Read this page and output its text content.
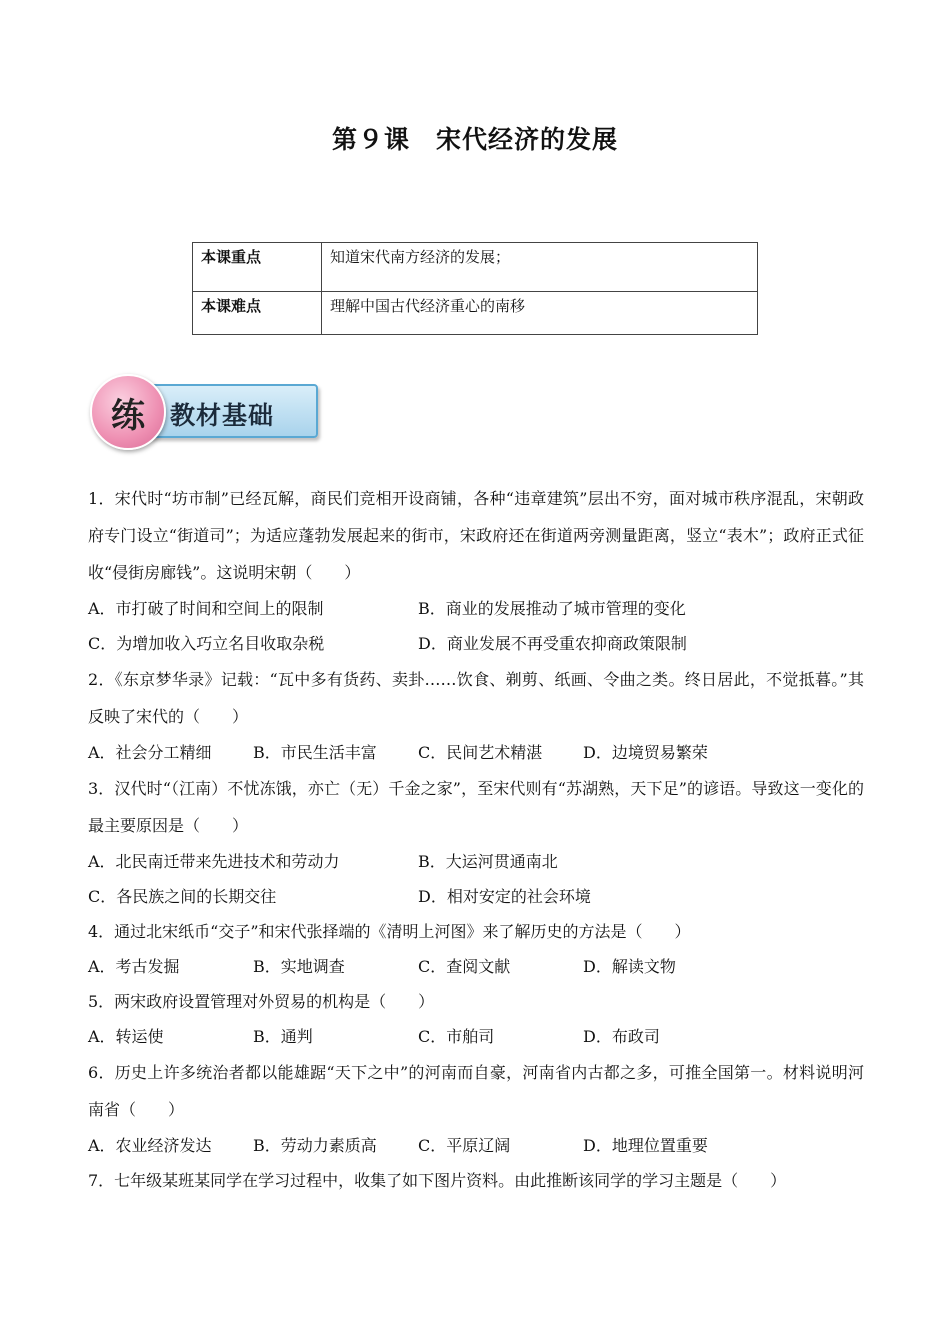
第９课　宋代经济的发展
本课重点	知道宋代南方经济的发展；
本课难点	理解中国古代经济重心的南移
练	教材基础
1．宋代时“坊市制”已经瓦解，商民们竞相开设商铺，各种“违章建筑”层出不穷，面对城市秩序混乱，宋朝政府专门设立“街道司”；为适应蓬勃发展起来的街市，宋政府还在街道两旁测量距离，竖立“表木”；政府正式征收“侵街房廊钱”。这说明宋朝（　　）
A．市打破了时间和空间上的限制	B．商业的发展推动了城市管理的变化
C．为增加收入巧立名目收取杂税	D．商业发展不再受重农抑商政策限制
2．《东京梦华录》记载：“瓦中多有货药、卖卦……饮食、剃剪、纸画、令曲之类。终日居此，不觉抵暮。”其反映了宋代的（　　）
A．社会分工精细	B．市民生活丰富	C．民间艺术精湛	D．边境贸易繁荣
3．汉代时“（江南）不忧冻饿，亦亡（无）千金之家”，至宋代则有“苏湖熟，天下足”的谚语。导致这一变化的最主要原因是（　　）
A．北民南迁带来先进技术和劳动力	B．大运河贯通南北
C．各民族之间的长期交往	D．相对安定的社会环境
4．通过北宋纸币“交子”和宋代张择端的《清明上河图》来了解历史的方法是（　　）
A．考古发掘	B．实地调查	C．查阅文献	D．解读文物
5．两宋政府设置管理对外贸易的机构是（　　）
A．转运使	B．通判	C．市舶司	D．布政司
6．历史上许多统治者都以能雄踞“天下之中”的河南而自豪，河南省内古都之多，可推全国第一。材料说明河南省（　　）
A．农业经济发达	B．劳动力素质高	C．平原辽阔	D．地理位置重要
7．七年级某班某同学在学习过程中，收集了如下图片资料。由此推断该同学的学习主题是（　　）
